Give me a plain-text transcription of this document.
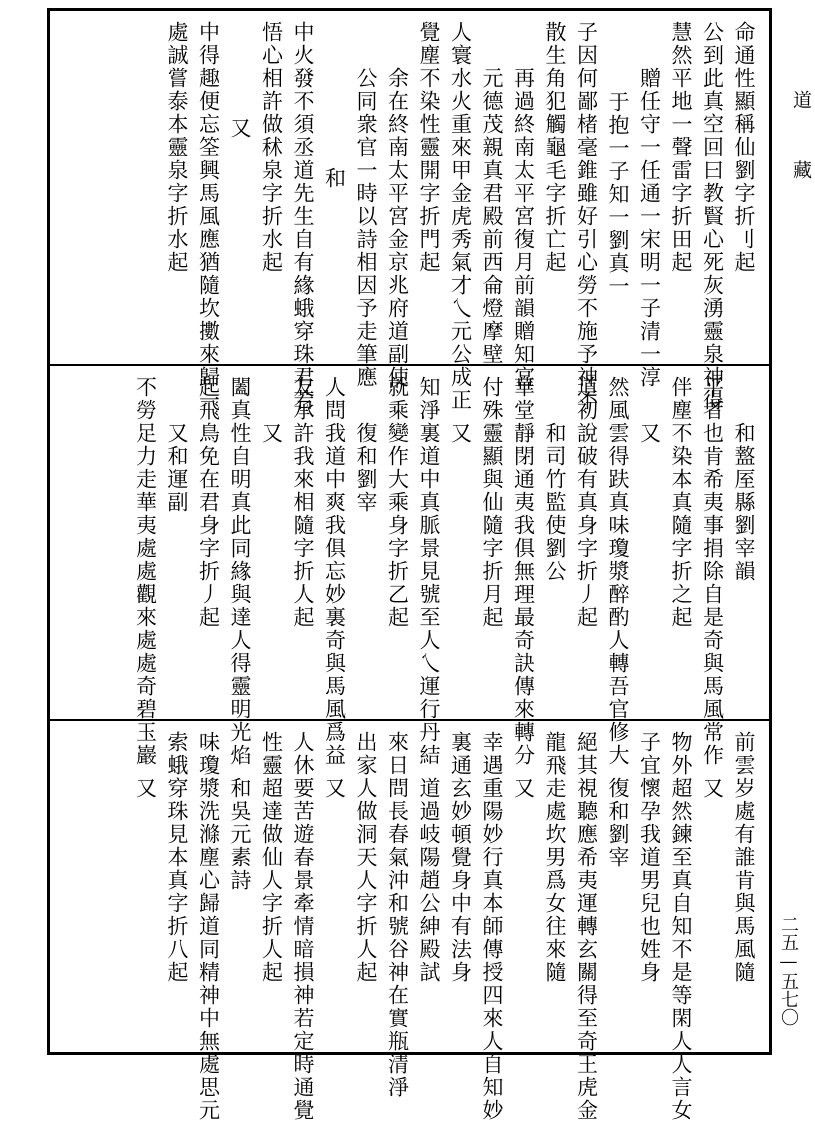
道
藏
二五—五七〇
命通性顯稱仙劉字折刂起
公到此真空回曰教賢心死灰湧靈泉神得
慧然平地一聲雷字折田起
贈任守一任通一宋明一子清一淳
于抱一子知一劉真一
子因何鄙楮毫錐雖好引心勞不施予神不
散生角犯觸龜毛字折亡起
再過終南太平宮復月前韻贈知宮
元德茂親真君殿前西侖燈摩壁
人寰水火重來甲金虎秀氣才乀元公成正
覺塵不染性靈開字折門起
余在終南太平宮金京兆府道副使
公同衆官一時以詩相因予走筆應
和
中火發不須丞道先生自有緣蛾穿珠君若
悟心相許做秫泉字折水起
又
中得趣便忘筌興馬風應猶隨坎擻來歸一
處誠嘗泰本靈泉字折水起
和盩厔縣劉宰韻
平者也肯希夷事捐除自是奇與馬風常作
伴塵不染本真隨字折之起
又
然風雲得趺真味瓊漿醉酌人轉吾官修大
道初說破有真身字折丿起
和司竹監使劉公
華堂靜閉通夷我俱無理最奇訣傳來轉分
付殊靈顯與仙隨字折月起
又
知淨裏道中真脈景見號至人乀運行丹結
就乘變作大乘身字折乙起
復和劉宰
人問我道中爽我俱忘妙裏奇與馬風爲益
友承許我來相隨字折人起
又
闔真性自明真此同緣與達人得靈明光焰
起飛鳥免在君身字折丿起
又和運副
不勞足力走華夷處處觀來處處奇碧玉巖
前雲岁處有誰肯與馬風隨
又
物外超然鍊至真自知不是等閑人人言女
子宜懷孕我道男兒也姓身
復和劉宰
絕其視聽應希夷運轉玄關得至奇王虎金
龍飛走處坎男爲女往來隨
又
幸遇重陽妙行真本師傳授四來人自知妙
裏通玄妙頓覺身中有法身
道過岐陽趙公紳殿試
來日問長春氣沖和號谷神在實瓶清淨
出家人做洞天人字折人起
又
人休要苦遊春景牽情暗損神若定時通覺
性靈超達做仙人字折人起
和吳元素詩
味瓊漿洗滌塵心歸道同精神中無處思元
索蛾穿珠見本真字折八起
又
